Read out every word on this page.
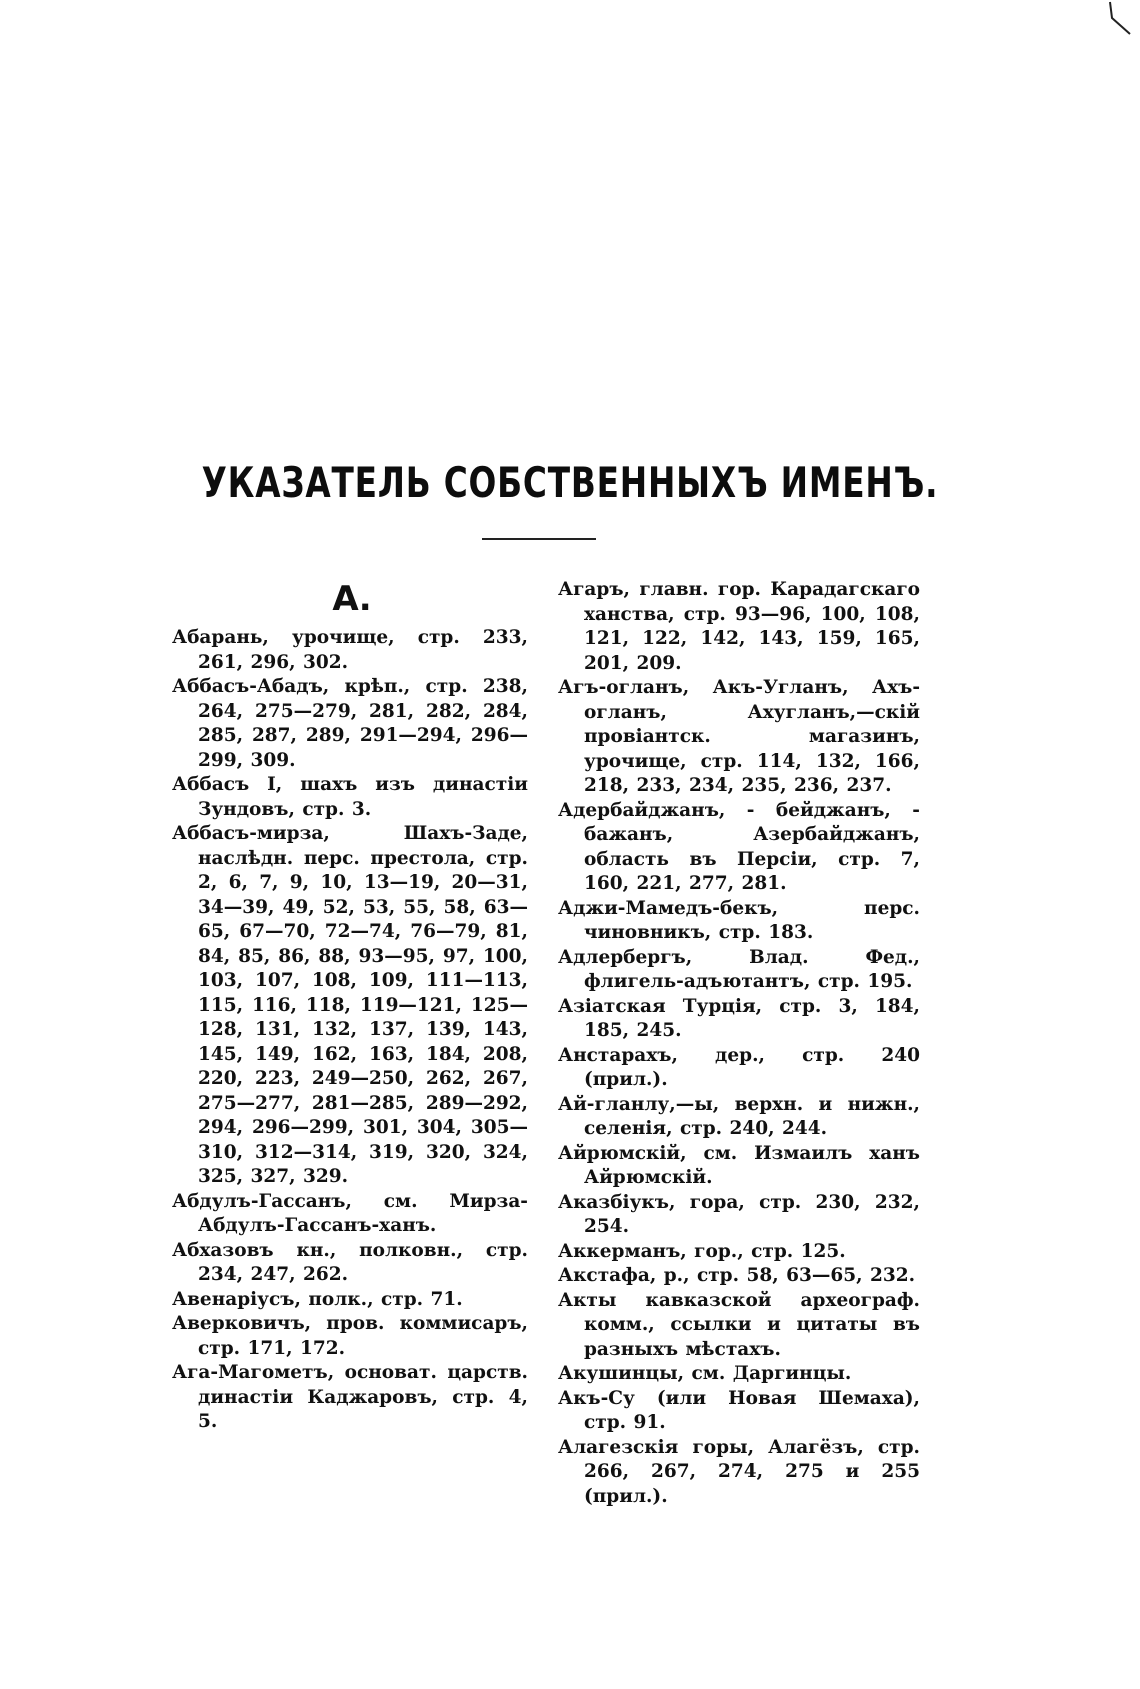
УКАЗАТЕЛЬ СОБСТВЕННЫХЪ ИМЕНЪ.
А.

Абарань, урочище, стр. 233, 261, 296, 302.

Аббасъ-Абадъ, крѣп., стр. 238, 264, 275—279, 281, 282, 284, 285, 287, 289, 291—294, 296—299, 309.

Аббасъ I, шахъ изъ династіи Зундовъ, стр. 3.

Аббасъ-мирза, Шахъ-Заде, наслѣдн. перс. престола, стр. 2, 6, 7, 9, 10, 13—19, 20—31, 34—39, 49, 52, 53, 55, 58, 63—65, 67—70, 72—74, 76—79, 81, 84, 85, 86, 88, 93—95, 97, 100, 103, 107, 108, 109, 111—113, 115, 116, 118, 119—121, 125—128, 131, 132, 137, 139, 143, 145, 149, 162, 163, 184, 208, 220, 223, 249—250, 262, 267, 275—277, 281—285, 289—292, 294, 296—299, 301, 304, 305—310, 312—314, 319, 320, 324, 325, 327, 329.

Абдулъ-Гассанъ, см. Мирза-Абдулъ-Гассанъ-ханъ.

Абхазовъ кн., полковн., стр. 234, 247, 262.

Авенаріусъ, полк., стр. 71.

Аверковичъ, пров. коммисаръ, стр. 171, 172.

Ага-Магометъ, основат. царств. династіи Каджаровъ, стр. 4, 5.

Агаръ, главн. гор. Карадагскаго ханства, стр. 93—96, 100, 108, 121, 122, 142, 143, 159, 165, 201, 209.

Агъ-огланъ, Акъ-Угланъ, Ахъ-огланъ, Ахугланъ,—скій провіантск. магазинъ, урочище, стр. 114, 132, 166, 218, 233, 234, 235, 236, 237.

Адербайджанъ, - бейджанъ, - бажанъ, Азербайджанъ, область въ Персіи, стр. 7, 160, 221, 277, 281.

Аджи-Мамедъ-бекъ, перс. чиновникъ, стр. 183.

Адлербергъ, Влад. Фед., флигель-адъютантъ, стр. 195.

Азіатская Турція, стр. 3, 184, 185, 245.

Анстарахъ, дер., стр. 240 (прил.).

Ай-гланлу,—ы, верхн. и нижн., селенія, стр. 240, 244.

Айрюмскій, см. Измаилъ ханъ Айрюмскій.

Аказбіукъ, гора, стр. 230, 232, 254.

Аккерманъ, гор., стр. 125.

Акстафа, р., стр. 58, 63—65, 232.

Акты кавказской археограф. комм., ссылки и цитаты въ разныхъ мѣстахъ.

Акушинцы, см. Даргинцы.

Акъ-Су (или Новая Шемаха), стр. 91.

Алагезскія горы, Алагёзъ, стр. 266, 267, 274, 275 и 255 (прил.).
